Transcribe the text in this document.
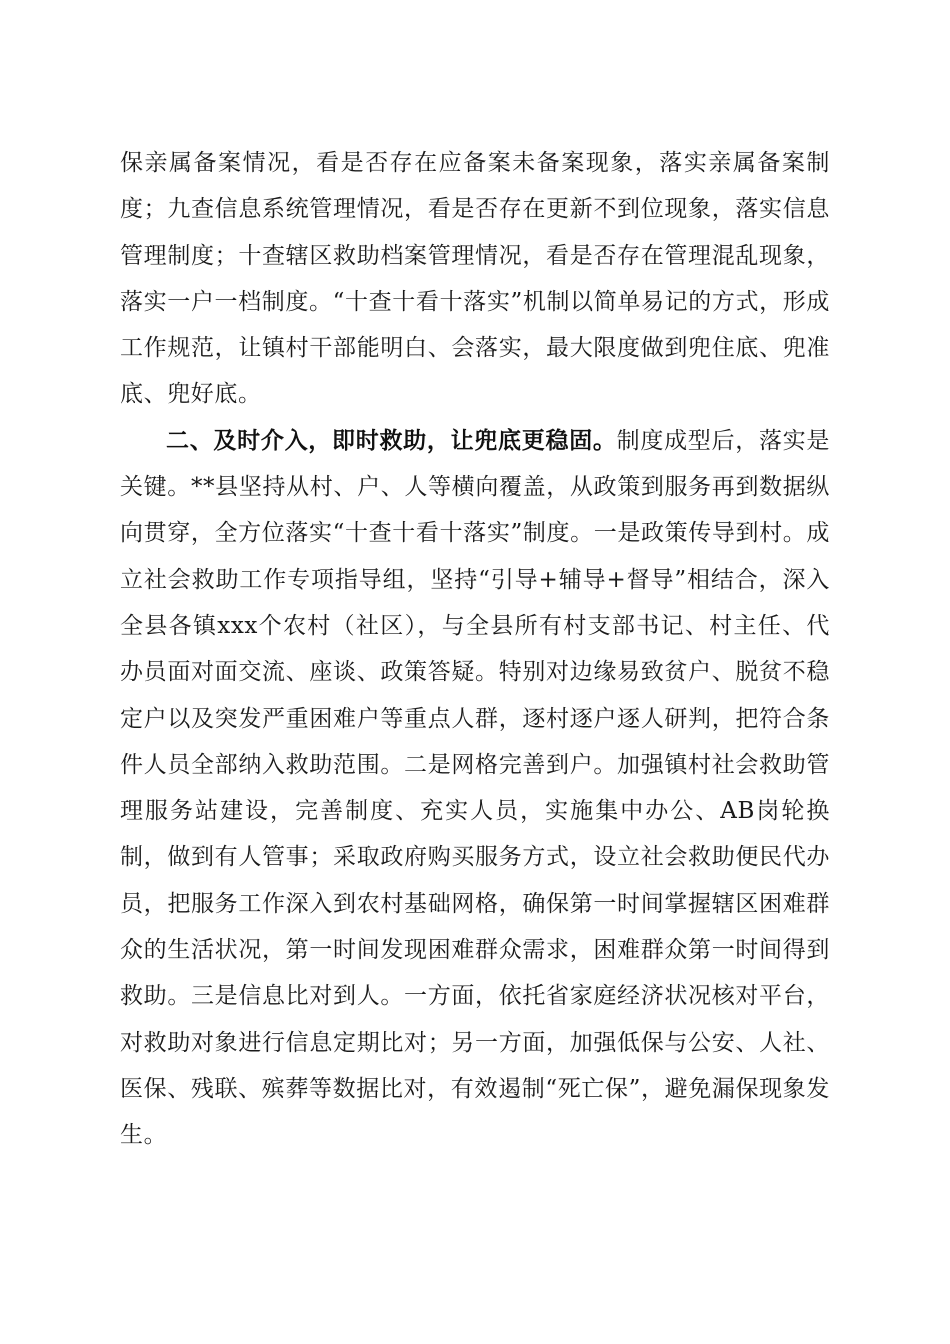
保亲属备案情况，看是否存在应备案未备案现象，落实亲属备案制度；九查信息系统管理情况，看是否存在更新不到位现象，落实信息管理制度；十查辖区救助档案管理情况，看是否存在管理混乱现象，落实一户一档制度。“十查十看十落实”机制以简单易记的方式，形成工作规范，让镇村干部能明白、会落实，最大限度做到兜住底、兜准底、兜好底。

二、及时介入，即时救助，让兜底更稳固。制度成型后，落实是关键。**县坚持从村、户、人等横向覆盖，从政策到服务再到数据纵向贯穿，全方位落实“十查十看十落实”制度。一是政策传导到村。成立社会救助工作专项指导组，坚持“引导+辅导+督导”相结合，深入全县各镇xxx个农村（社区），与全县所有村支部书记、村主任、代办员面对面交流、座谈、政策答疑。特别对边缘易致贫户、脱贫不稳定户以及突发严重困难户等重点人群，逐村逐户逐人研判，把符合条件人员全部纳入救助范围。二是网格完善到户。加强镇村社会救助管理服务站建设，完善制度、充实人员，实施集中办公、AB岗轮换制，做到有人管事；采取政府购买服务方式，设立社会救助便民代办员，把服务工作深入到农村基础网格，确保第一时间掌握辖区困难群众的生活状况，第一时间发现困难群众需求，困难群众第一时间得到救助。三是信息比对到人。一方面，依托省家庭经济状况核对平台，对救助对象进行信息定期比对；另一方面，加强低保与公安、人社、医保、残联、殡葬等数据比对，有效遏制“死亡保”，避免漏保现象发生。
